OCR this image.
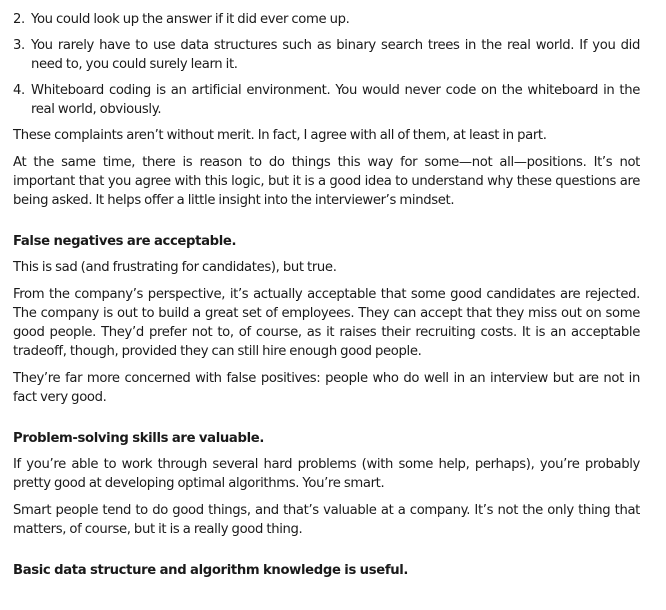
2. You could look up the answer if it did ever come up.
3. You rarely have to use data structures such as binary search trees in the real world. If you did need to, you could surely learn it.
4. Whiteboard coding is an artificial environment. You would never code on the whiteboard in the real world, obviously.

These complaints aren’t without merit. In fact, I agree with all of them, at least in part.

At the same time, there is reason to do things this way for some—not all—positions. It’s not important that you agree with this logic, but it is a good idea to understand why these questions are being asked. It helps offer a little insight into the interviewer’s mindset.

False negatives are acceptable.

This is sad (and frustrating for candidates), but true.

From the company’s perspective, it’s actually acceptable that some good candidates are rejected. The company is out to build a great set of employees. They can accept that they miss out on some good people. They’d prefer not to, of course, as it raises their recruiting costs. It is an acceptable tradeoff, though, provided they can still hire enough good people.

They’re far more concerned with false positives: people who do well in an interview but are not in fact very good.

Problem-solving skills are valuable.

If you’re able to work through several hard problems (with some help, perhaps), you’re probably pretty good at developing optimal algorithms. You’re smart.

Smart people tend to do good things, and that’s valuable at a company. It’s not the only thing that matters, of course, but it is a really good thing.

Basic data structure and algorithm knowledge is useful.
